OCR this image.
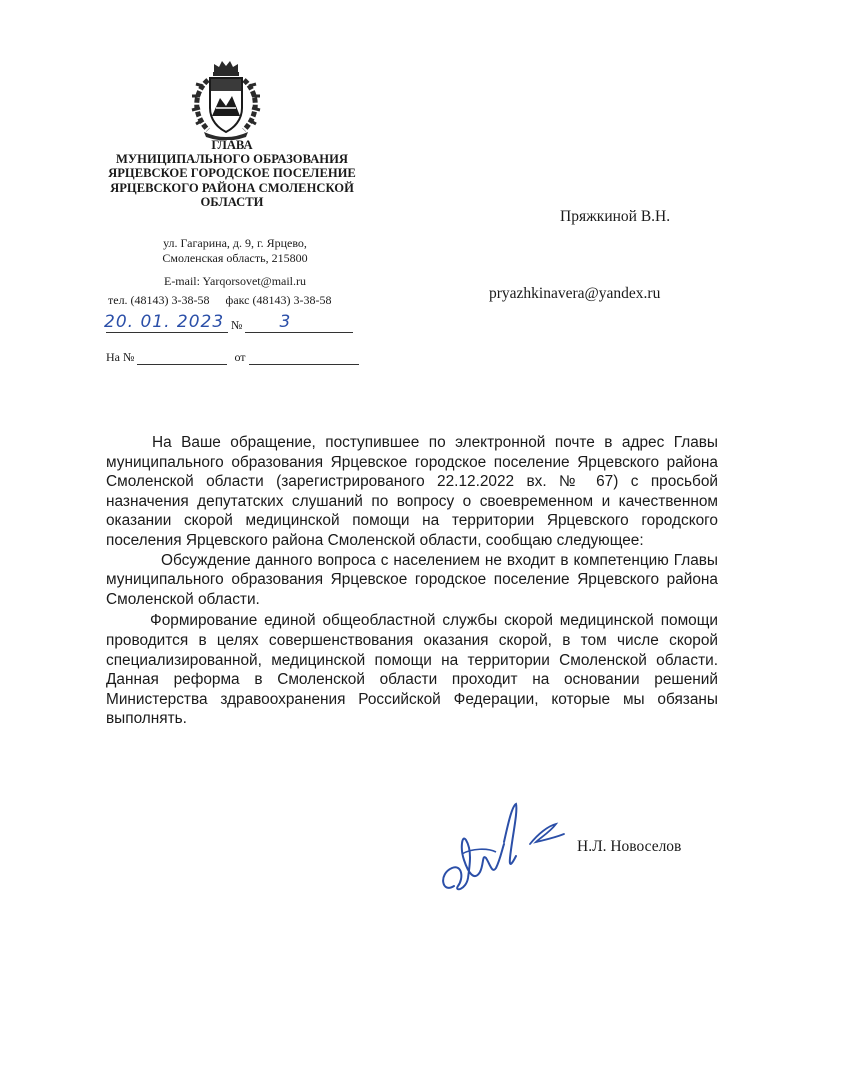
ГЛАВА
МУНИЦИПАЛЬНОГО ОБРАЗОВАНИЯ
ЯРЦЕВСКОЕ ГОРОДСКОЕ ПОСЕЛЕНИЕ
ЯРЦЕВСКОГО РАЙОНА СМОЛЕНСКОЙ
ОБЛАСТИ
ул. Гагарина, д. 9, г. Ярцево,
Смоленская область, 215800
E-mail: Yarqorsovet@mail.ru
тел. (48143) 3-38-58 факс (48143) 3-38-58
20. 01. 2023 № 3
На №	от
Пряжкиной В.Н.
pryazhkinavera@yandex.ru

На Ваше обращение, поступившее по электронной почте в адрес Главы муниципального образования Ярцевское городское поселение Ярцевского района Смоленской области (зарегистрированого 22.12.2022 вх. № 67) с просьбой назначения депутатских слушаний по вопросу о своевременном и качественном оказании скорой медицинской помощи на территории Ярцевского городского поселения Ярцевского района Смоленской области, сообщаю следующее:

Обсуждение данного вопроса с населением не входит в компетенцию Главы муниципального образования Ярцевское городское поселение Ярцевского района Смоленской области.

Формирование единой общеобластной службы скорой медицинской помощи проводится в целях совершенствования оказания скорой, в том числе скорой специализированной, медицинской помощи на территории Смоленской области. Данная реформа в Смоленской области проходит на основании решений Министерства здравоохранения Российской Федерации, которые мы обязаны выполнять.

Н.Л. Новоселов
